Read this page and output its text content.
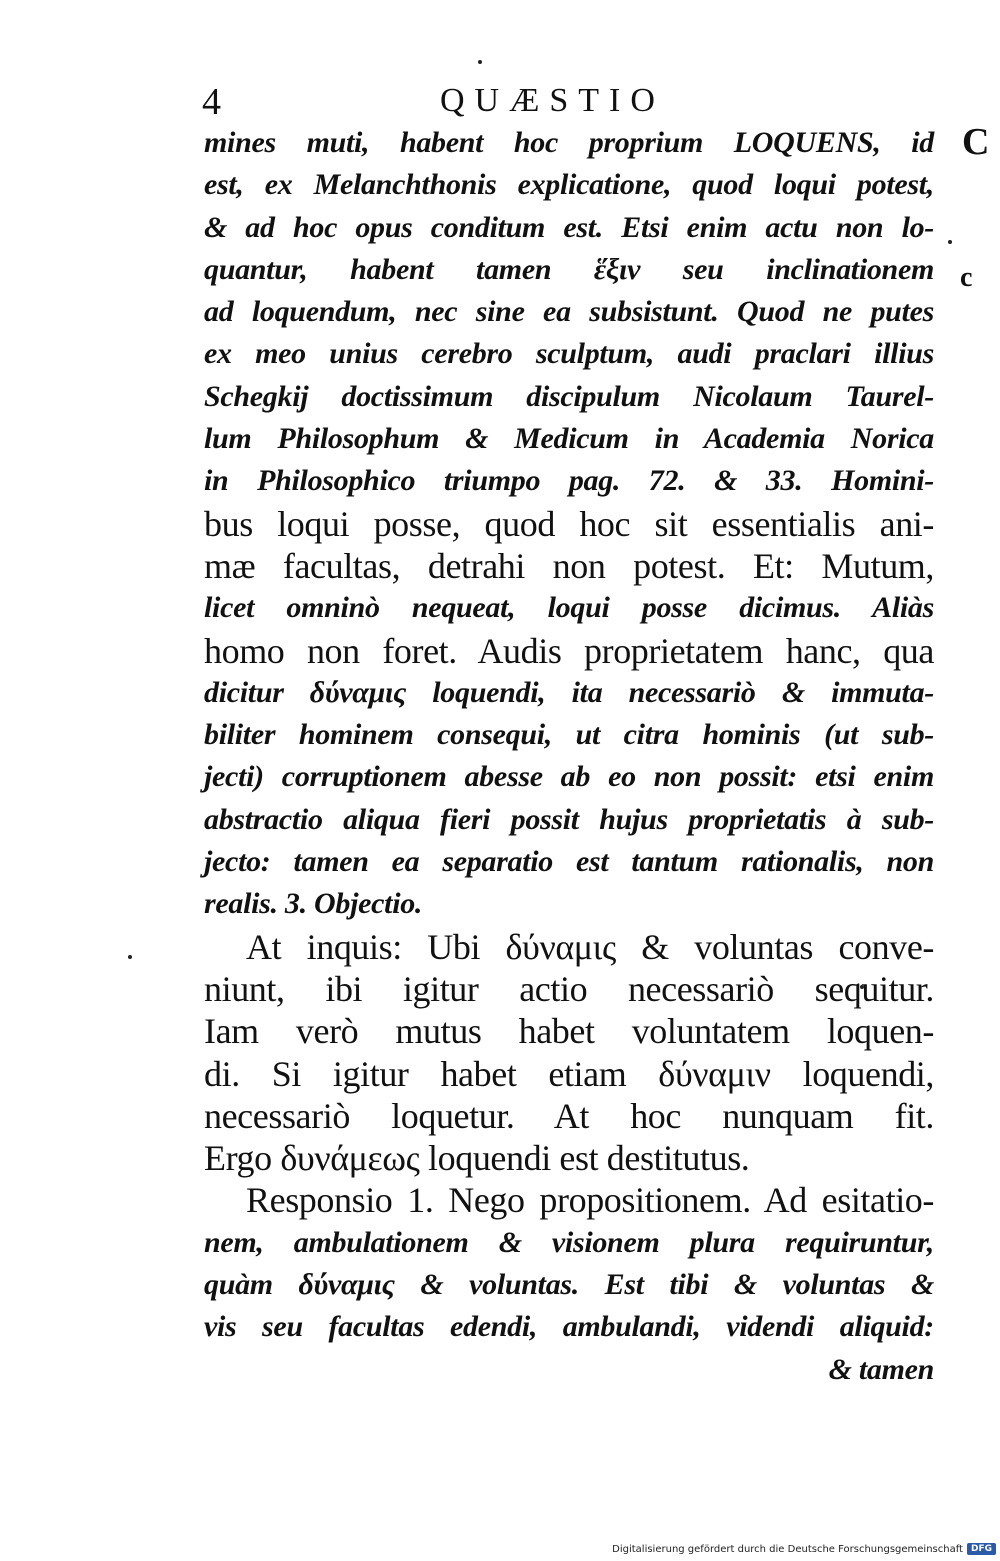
4	QUÆSTIO
C
c
mines muti, habent hoc proprium LOQUENS, id
est, ex Melanchthonis explicatione, quod loqui potest,
& ad hoc opus conditum est. Etsi enim actu non lo-
quantur, habent tamen ἕξιν seu inclinationem
ad loquendum, nec sine ea subsistunt. Quod ne putes
ex meo unius cerebro sculptum, audi praclari illius
Schegkij doctissimum discipulum Nicolaum Taurel-
lum Philosophum & Medicum in Academia Norica
in Philosophico triumpo pag. 72. & 33. Homini-
bus loqui posse, quod hoc sit essentialis ani-
mæ facultas, detrahi non potest. Et: Mutum,
licet omninò nequeat, loqui posse dicimus. Aliàs
homo non foret. Audis proprietatem hanc, qua
dicitur δύναμις loquendi, ita necessariò & immuta-
biliter hominem consequi, ut citra hominis (ut sub-
jecti) corruptionem abesse ab eo non possit: etsi enim
abstractio aliqua fieri possit hujus proprietatis à sub-
jecto: tamen ea separatio est tantum rationalis, non
realis. 3. Objectio.
At inquis: Ubi δύναμις & voluntas conve-
niunt, ibi igitur actio necessariò sequitur.
Iam verò mutus habet voluntatem loquen-
di. Si igitur habet etiam δύναμιν loquendi,
necessariò loquetur. At hoc nunquam fit.
Ergo δυνάμεως loquendi est destitutus.
Responsio 1. Nego propositionem. Ad esitatio-
nem, ambulationem & visionem plura requiruntur,
quàm δύναμις & voluntas. Est tibi & voluntas &
vis seu facultas edendi, ambulandi, videndi aliquid:
& tamen
Digitalisierung gefördert durch die Deutsche Forschungsgemeinschaft DFG
